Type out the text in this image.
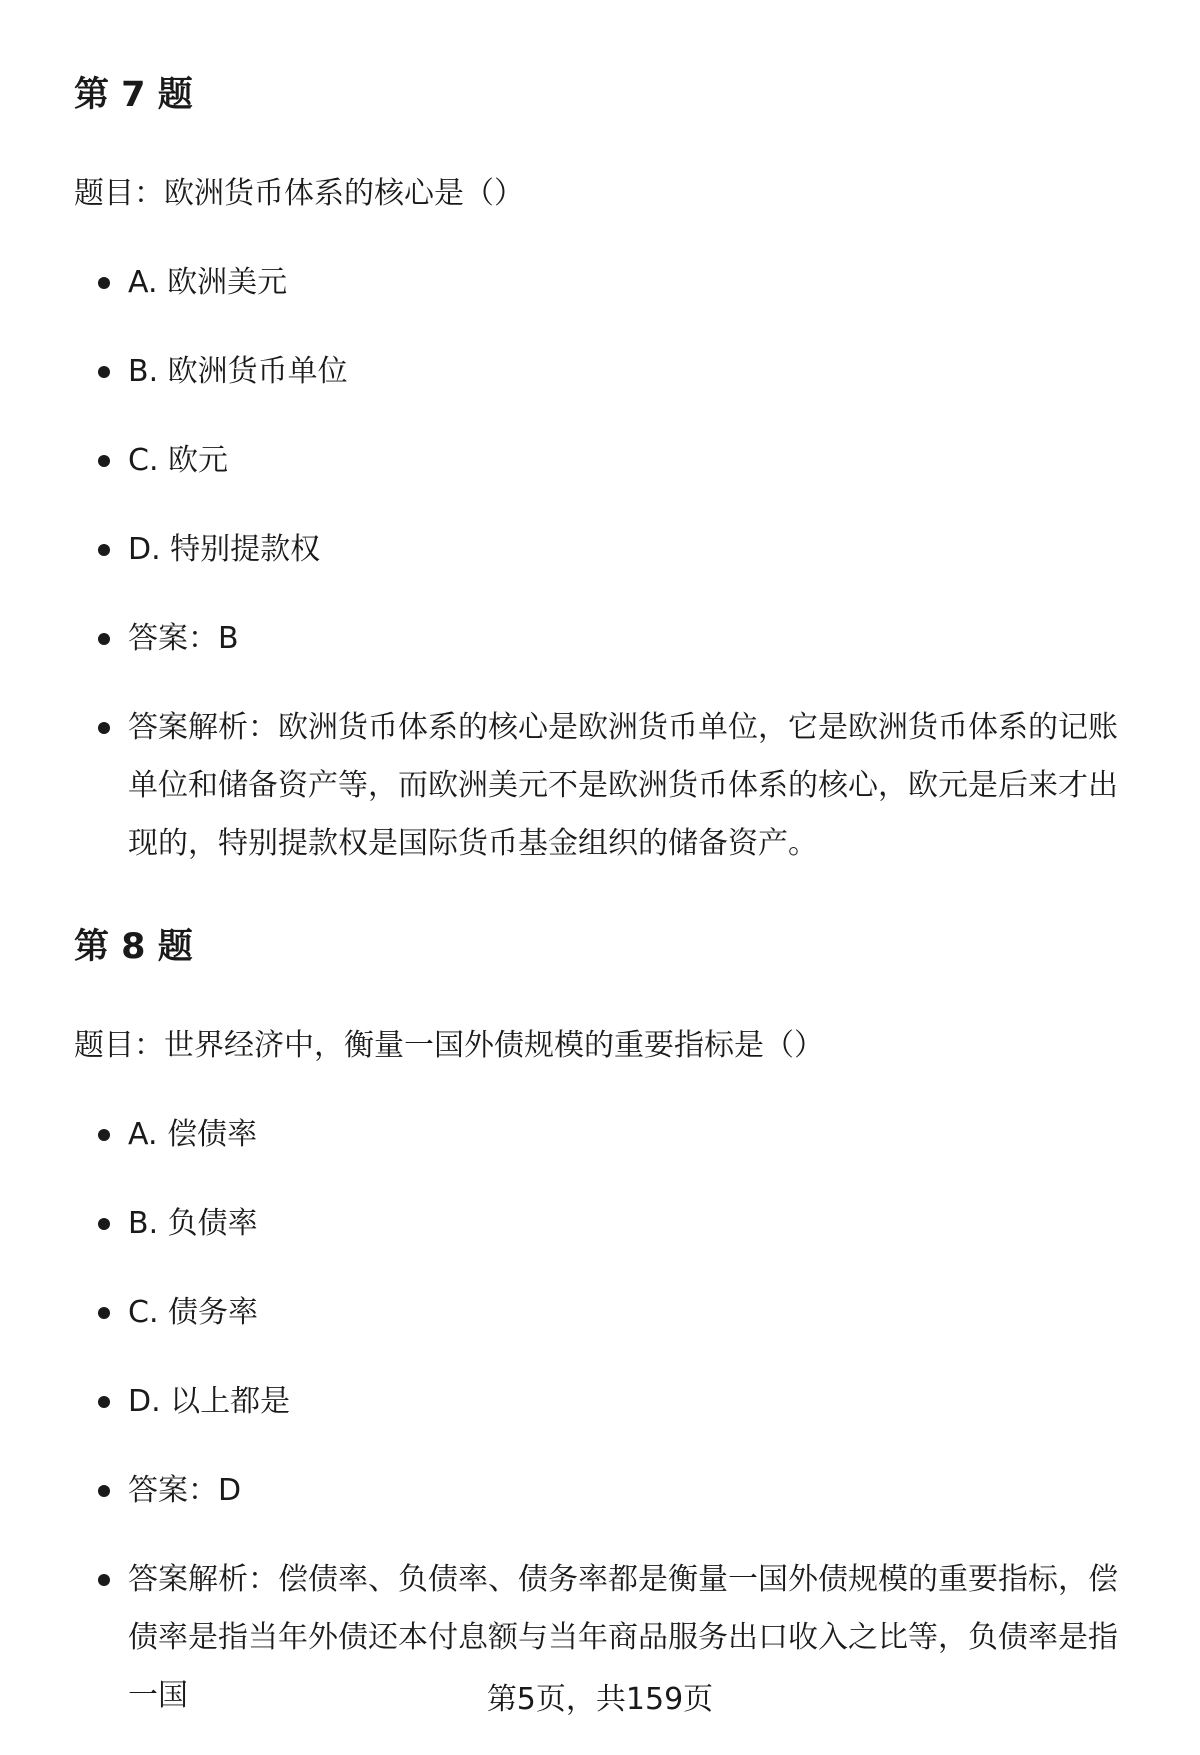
第 7 题

题目：欧洲货币体系的核心是（）

A. 欧洲美元

B. 欧洲货币单位

C. 欧元

D. 特别提款权

答案：B

答案解析：欧洲货币体系的核心是欧洲货币单位，它是欧洲货币体系的记账单位和储备资产等，而欧洲美元不是欧洲货币体系的核心，欧元是后来才出现的，特别提款权是国际货币基金组织的储备资产。

第 8 题

题目：世界经济中，衡量一国外债规模的重要指标是（）

A. 偿债率

B. 负债率

C. 债务率

D. 以上都是

答案：D

答案解析：偿债率、负债率、债务率都是衡量一国外债规模的重要指标，偿债率是指当年外债还本付息额与当年商品服务出口收入之比等，负债率是指一国	第5页，共159页
